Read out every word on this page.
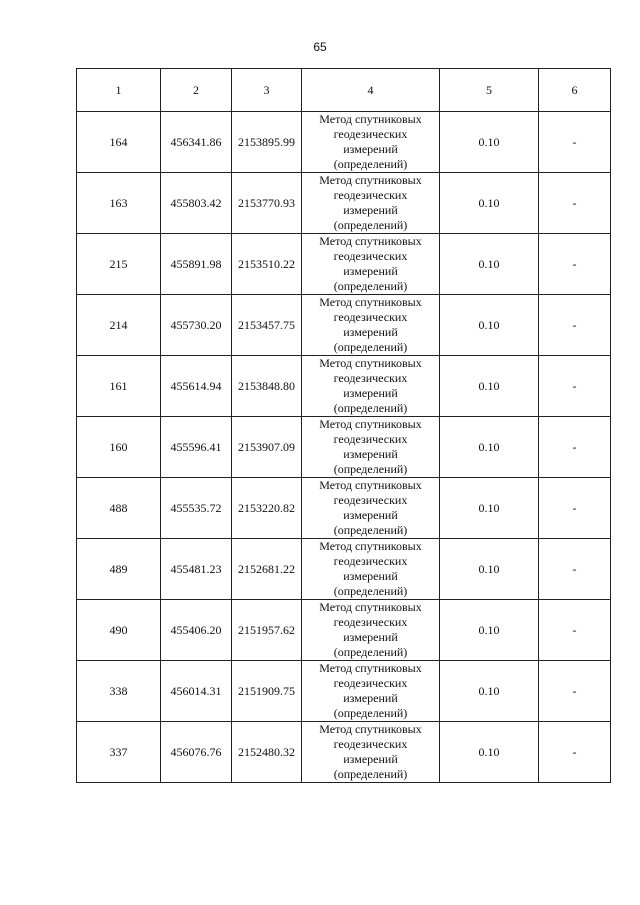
65
1	2	3	4	5	6
164	456341.86	2153895.99	Метод спутниковых
геодезических
измерений
(определений)	0.10	-
163	455803.42	2153770.93	Метод спутниковых
геодезических
измерений
(определений)	0.10	-
215	455891.98	2153510.22	Метод спутниковых
геодезических
измерений
(определений)	0.10	-
214	455730.20	2153457.75	Метод спутниковых
геодезических
измерений
(определений)	0.10	-
161	455614.94	2153848.80	Метод спутниковых
геодезических
измерений
(определений)	0.10	-
160	455596.41	2153907.09	Метод спутниковых
геодезических
измерений
(определений)	0.10	-
488	455535.72	2153220.82	Метод спутниковых
геодезических
измерений
(определений)	0.10	-
489	455481.23	2152681.22	Метод спутниковых
геодезических
измерений
(определений)	0.10	-
490	455406.20	2151957.62	Метод спутниковых
геодезических
измерений
(определений)	0.10	-
338	456014.31	2151909.75	Метод спутниковых
геодезических
измерений
(определений)	0.10	-
337	456076.76	2152480.32	Метод спутниковых
геодезических
измерений
(определений)	0.10	-
